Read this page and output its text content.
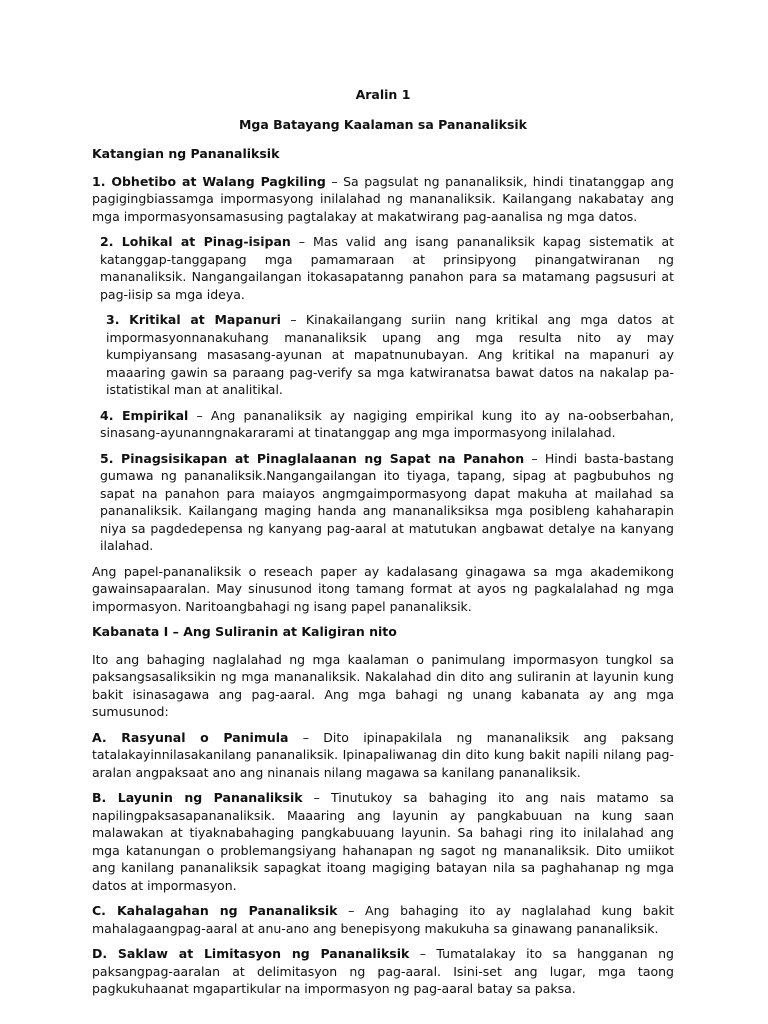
Aralin 1
Mga Batayang Kaalaman sa Pananaliksik
Katangian ng Pananaliksik

1. Obhetibo at Walang Pagkiling – Sa pagsulat ng pananaliksik, hindi tinatanggap ang pagigingbiassamga impormasyong inilalahad ng mananaliksik. Kailangang nakabatay ang mga impormasyonsamasusing pagtalakay at makatwirang pag-aanalisa ng mga datos.

2. Lohikal at Pinag-isipan – Mas valid ang isang pananaliksik kapag sistematik at katanggap-tanggapang mga pamamaraan at prinsipyong pinangatwiranan ng mananaliksik. Nangangailangan itokasapatanng panahon para sa matamang pagsusuri at pag-iisip sa mga ideya.

3. Kritikal at Mapanuri – Kinakailangang suriin nang kritikal ang mga datos at impormasyonnanakuhang mananaliksik upang ang mga resulta nito ay may kumpiyansang masasang-ayunan at mapatnunubayan. Ang kritikal na mapanuri ay maaaring gawin sa paraang pag-verify sa mga katwiranatsa bawat datos na nakalap pa-istatistikal man at analitikal.

4. Empirikal – Ang pananaliksik ay nagiging empirikal kung ito ay na-oobserbahan, sinasang-ayunanngnakararami at tinatanggap ang mga impormasyong inilalahad.

5. Pinagsisikapan at Pinaglalaanan ng Sapat na Panahon – Hindi basta-bastang gumawa ng pananaliksik.Nangangailangan ito tiyaga, tapang, sipag at pagbubuhos ng sapat na panahon para maiayos angmgaimpormasyong dapat makuha at mailahad sa pananaliksik. Kailangang maging handa ang mananaliksiksa mga posibleng kahaharapin niya sa pagdedepensa ng kanyang pag-aaral at matutukan angbawat detalye na kanyang ilalahad.

Ang papel-pananaliksik o reseach paper ay kadalasang ginagawa sa mga akademikong gawainsapaaralan. May sinusunod itong tamang format at ayos ng pagkalalahad ng mga impormasyon. Naritoangbahagi ng isang papel pananaliksik.

Kabanata I – Ang Suliranin at Kaligiran nito

Ito ang bahaging naglalahad ng mga kaalaman o panimulang impormasyon tungkol sa paksangsasaliksikin ng mga mananaliksik. Nakalahad din dito ang suliranin at layunin kung bakit isinasagawa ang pag-aaral. Ang mga bahagi ng unang kabanata ay ang mga sumusunod:

A. Rasyunal o Panimula – Dito ipinapakilala ng mananaliksik ang paksang tatalakayinnilasakanilang pananaliksik. Ipinapaliwanag din dito kung bakit napili nilang pag-aralan angpaksaat ano ang ninanais nilang magawa sa kanilang pananaliksik.

B. Layunin ng Pananaliksik – Tinutukoy sa bahaging ito ang nais matamo sa napilingpaksasapananaliksik. Maaaring ang layunin ay pangkabuuan na kung saan malawakan at tiyaknabahaging pangkabuuang layunin. Sa bahagi ring ito inilalahad ang mga katanungan o problemangsiyang hahanapan ng sagot ng mananaliksik. Dito umiikot ang kanilang pananaliksik sapagkat itoang magiging batayan nila sa paghahanap ng mga datos at impormasyon.

C. Kahalagahan ng Pananaliksik – Ang bahaging ito ay naglalahad kung bakit mahalagaangpag-aaral at anu-ano ang benepisyong makukuha sa ginawang pananaliksik.

D. Saklaw at Limitasyon ng Pananaliksik – Tumatalakay ito sa hangganan ng paksangpag-aaralan at delimitasyon ng pag-aaral. Isini-set ang lugar, mga taong pagkukuhaanat mgapartikular na impormasyon ng pag-aaral batay sa paksa.
